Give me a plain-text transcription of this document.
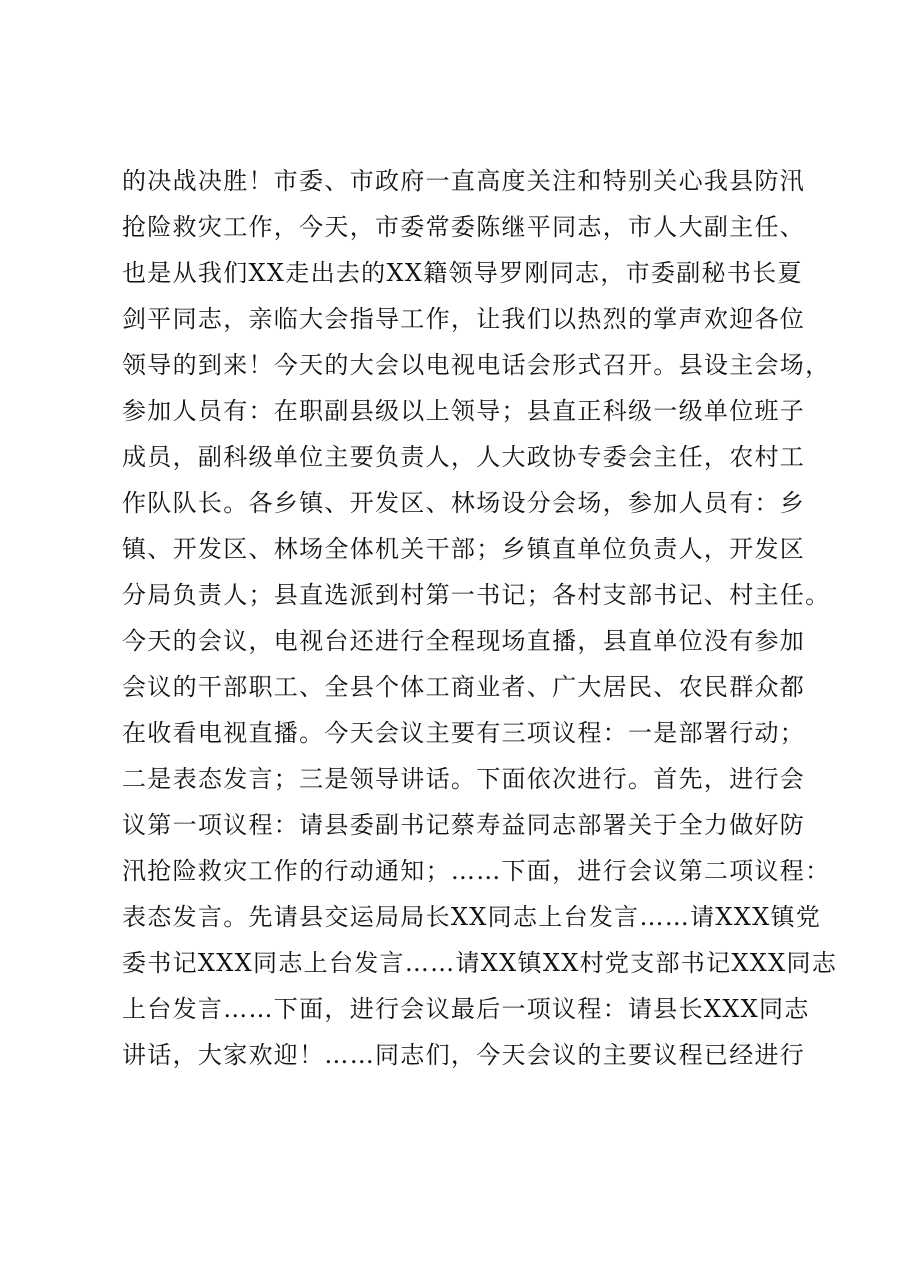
的决战决胜！市委、市政府一直高度关注和特别关心我县防汛
抢险救灾工作，今天，市委常委陈继平同志，市人大副主任、
也是从我们XX走出去的XX籍领导罗刚同志，市委副秘书长夏
剑平同志，亲临大会指导工作，让我们以热烈的掌声欢迎各位
领导的到来！今天的大会以电视电话会形式召开。县设主会场，
参加人员有：在职副县级以上领导；县直正科级一级单位班子
成员，副科级单位主要负责人，人大政协专委会主任，农村工
作队队长。各乡镇、开发区、林场设分会场，参加人员有：乡
镇、开发区、林场全体机关干部；乡镇直单位负责人，开发区
分局负责人；县直选派到村第一书记；各村支部书记、村主任。
今天的会议，电视台还进行全程现场直播，县直单位没有参加
会议的干部职工、全县个体工商业者、广大居民、农民群众都
在收看电视直播。今天会议主要有三项议程：一是部署行动；
二是表态发言；三是领导讲话。下面依次进行。首先，进行会
议第一项议程：请县委副书记蔡寿益同志部署关于全力做好防
汛抢险救灾工作的行动通知；……下面，进行会议第二项议程：
表态发言。先请县交运局局长XX同志上台发言……请XXX镇党
委书记XXX同志上台发言……请XX镇XX村党支部书记XXX同志
上台发言……下面，进行会议最后一项议程：请县长XXX同志
讲话，大家欢迎！……同志们，今天会议的主要议程已经进行
